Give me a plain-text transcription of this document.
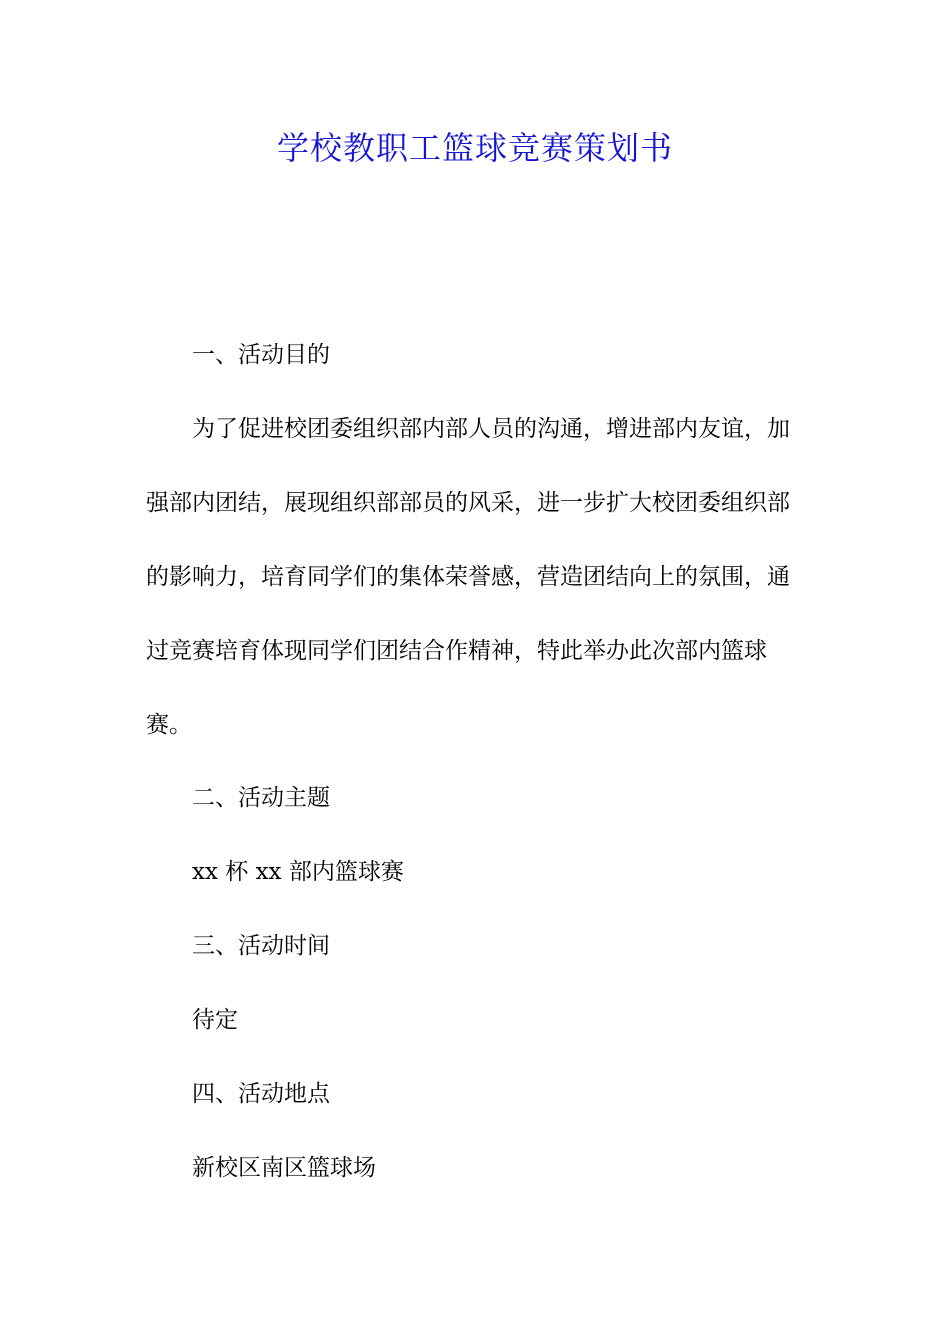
学校教职工篮球竞赛策划书

一、活动目的

为了促进校团委组织部内部人员的沟通，增进部内友谊，加强部内团结，展现组织部部员的风采，进一步扩大校团委组织部的影响力，培育同学们的集体荣誉感，营造团结向上的氛围，通过竞赛培育体现同学们团结合作精神，特此举办此次部内篮球赛。

二、活动主题

xx 杯 xx 部内篮球赛

三、活动时间

待定

四、活动地点

新校区南区篮球场
